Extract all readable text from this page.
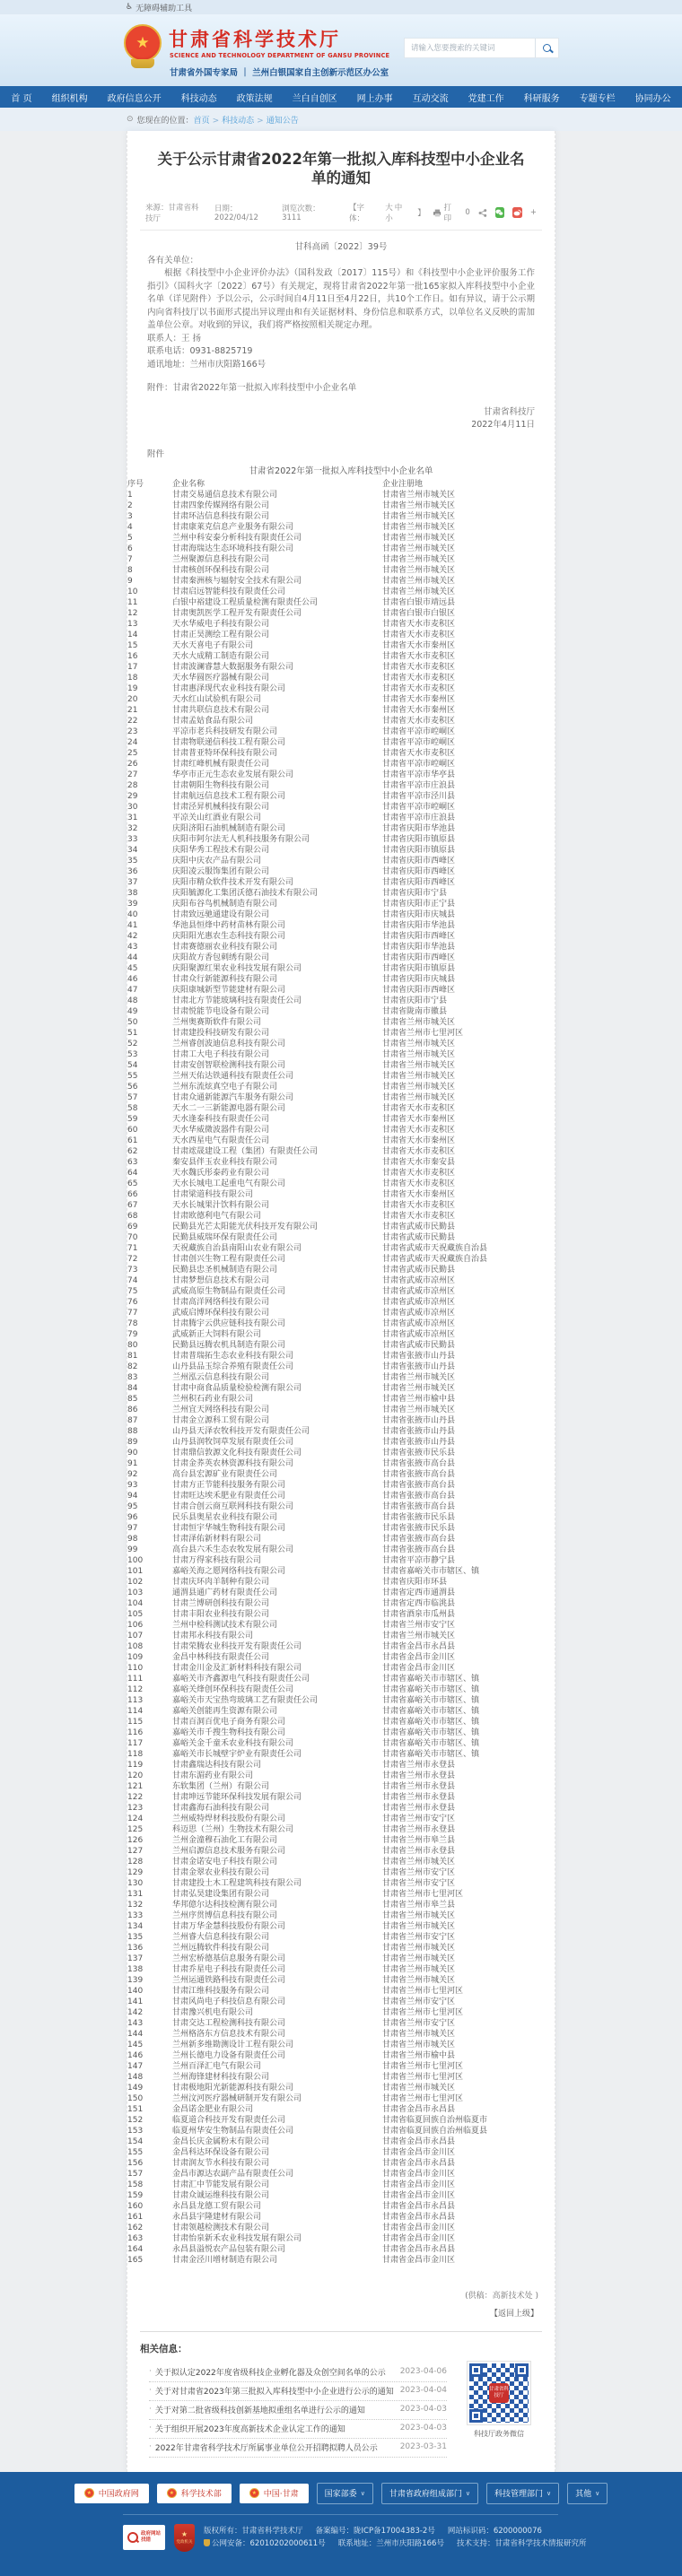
♿ 无障碍辅助工具
★	甘肃省科学技术厅
SCIENCE AND TECHNOLOGY DEPARTMENT OF GANSU PROVINCE
甘肃省外国专家局 ｜ 兰州白银国家自主创新示范区办公室
请输入您要搜索的关键词
首 页	组织机构	政府信息公开	科技动态	政策法规	兰白自创区	网上办事	互动交流	党建工作	科研服务	专题专栏	协同办公
⊙ 您现在的位置： 首页 > 科技动态 > 通知公告
关于公示甘肃省2022年第一批拟入库科技型中小企业名单的通知
来源：甘肃省科技厅
日期：2022/04/12
浏览次数：3111
【字体：
大 中小
】
打印
0	+
甘科高函〔2022〕39号
各有关单位：
根据《科技型中小企业评价办法》（国科发政〔2017〕115号）和《科技型中小企业评价服务工作指引》（国科火字〔2022〕67号）有关规定，现将甘肃省2022年第一批165家拟入库科技型中小企业名单（详见附件）予以公示，公示时间自4月11日至4月22日，共10个工作日。如有异议，请于公示期内向省科技厅以书面形式提出异议理由和有关证据材料、身份信息和联系方式，以单位名义反映的需加盖单位公章。对收到的异议，我们将严格按照相关规定办理。
联系人：王 扬
联系电话：0931-8825719
通讯地址：兰州市庆阳路166号
附件：甘肃省2022年第一批拟入库科技型中小企业名单
甘肃省科技厅
2022年4月11日
附件
甘肃省2022年第一批拟入库科技型中小企业名单
序号	企业名称	企业注册地
1	甘肃交易通信息技术有限公司	甘肃省兰州市城关区
2	甘肃四象传媒网络有限公司	甘肃省兰州市城关区
3	甘肃环洁信息科技有限公司	甘肃省兰州市城关区
4	甘肃康莱克信息产业服务有限公司	甘肃省兰州市城关区
5	兰州中科安泰分析科技有限责任公司	甘肃省兰州市城关区
6	甘肃海瑞达生态环境科技有限公司	甘肃省兰州市城关区
7	兰州聚源信息科技有限公司	甘肃省兰州市城关区
8	甘肃核创环保科技有限公司	甘肃省兰州市城关区
9	甘肃秦洲核与辐射安全技术有限公司	甘肃省兰州市城关区
10	甘肃启远智能科技有限责任公司	甘肃省兰州市城关区
11	白银中裕建设工程质量检测有限责任公司	甘肃省白银市靖远县
12	甘肃奥凯医学工程开发有限责任公司	甘肃省白银市白银区
13	天水华威电子科技有限公司	甘肃省天水市麦积区
14	甘肃正昊测绘工程有限公司	甘肃省天水市麦积区
15	天水天喜电子有限公司	甘肃省天水市秦州区
16	天水大成精工制造有限公司	甘肃省天水市麦积区
17	甘肃波澜睿慧大数据服务有限公司	甘肃省天水市麦积区
18	天水华圆医疗器械有限公司	甘肃省天水市麦积区
19	甘肃惠泽现代农业科技有限公司	甘肃省天水市麦积区
20	天水红山试验机有限公司	甘肃省天水市秦州区
21	甘肃共联信息技术有限公司	甘肃省天水市秦州区
22	甘肃孟姑食品有限公司	甘肃省天水市麦积区
23	平凉市老兵科技研发有限公司	甘肃省平凉市崆峒区
24	甘肃物联递信科技工程有限公司	甘肃省平凉市崆峒区
25	甘肃普亚特环保科技有限公司	甘肃省天水市麦积区
26	甘肃红峰机械有限责任公司	甘肃省平凉市崆峒区
27	华亭市正元生态农业发展有限公司	甘肃省平凉市华亭县
28	甘肃朝阳生物科技有限公司	甘肃省平凉市庄浪县
29	甘肃航远信息技术工程有限公司	甘肃省平凉市泾川县
30	甘肃泾昇机械科技有限公司	甘肃省平凉市崆峒区
31	平凉关山红酒业有限公司	甘肃省平凉市庄浪县
32	庆阳济阳石油机械制造有限公司	甘肃省庆阳市华池县
33	庆阳市阿尔法无人机科技服务有限公司	甘肃省庆阳市镇原县
34	庆阳华秀工程技术有限公司	甘肃省庆阳市镇原县
35	庆阳中庆农产品有限公司	甘肃省庆阳市西峰区
36	庆阳凌云服饰集团有限公司	甘肃省庆阳市西峰区
37	庆阳市精众软件技术开发有限公司	甘肃省庆阳市西峰区
38	庆阳毓源化工集团沃德石油技术有限公司	甘肃省庆阳市宁县
39	庆阳布谷鸟机械制造有限公司	甘肃省庆阳市正宁县
40	甘肃致远驰通建设有限公司	甘肃省庆阳市庆城县
41	华池县恒烽中药材苗林有限公司	甘肃省庆阳市华池县
42	庆阳阳光惠农生态科技有限公司	甘肃省庆阳市西峰区
43	甘肃赛德丽农业科技有限公司	甘肃省庆阳市华池县
44	庆阳故方香包刺绣有限公司	甘肃省庆阳市西峰区
45	庆阳聚源红果农业科技发展有限公司	甘肃省庆阳市镇原县
46	甘肃众行新能源科技有限公司	甘肃省庆阳市庆城县
47	庆阳康城新型节能建材有限公司	甘肃省庆阳市西峰区
48	甘肃北方节能玻璃科技有限责任公司	甘肃省庆阳市宁县
49	甘肃悦能节电设备有限公司	甘肃省陇南市徽县
50	兰州奥赛斯软件有限公司	甘肃省兰州市城关区
51	甘肃建投科技研发有限公司	甘肃省兰州市七里河区
52	兰州睿创波迪信息科技有限公司	甘肃省兰州市城关区
53	甘肃工大电子科技有限公司	甘肃省兰州市城关区
54	甘肃安创智联检测科技有限公司	甘肃省兰州市城关区
55	兰州天佑达铁通科技有限责任公司	甘肃省兰州市城关区
56	兰州东流炫真空电子有限公司	甘肃省兰州市城关区
57	甘肃众通新能源汽车服务有限公司	甘肃省兰州市城关区
58	天水二一三新能源电器有限公司	甘肃省天水市麦积区
59	天水逢泰科技有限责任公司	甘肃省天水市秦州区
60	天水华威微波器件有限公司	甘肃省天水市麦积区
61	天水西星电气有限责任公司	甘肃省天水市秦州区
62	甘肃竤晟建设工程（集团）有限责任公司	甘肃省天水市麦积区
63	秦安县伴玉农业科技有限公司	甘肃省天水市秦安县
64	天水魏氏彤泰药业有限公司	甘肃省天水市麦积区
65	天水长城电工起重电气有限公司	甘肃省天水市麦积区
66	甘肃梁道科技有限公司	甘肃省天水市秦州区
67	天水长城果汁饮料有限公司	甘肃省天水市麦积区
68	甘肃欧德利电气有限公司	甘肃省天水市麦积区
69	民勤县光芒太阳能光伏科技开发有限公司	甘肃省武威市民勤县
70	民勤县威瑞环保有限责任公司	甘肃省武威市民勤县
71	天祝藏族自治县南阳山农业有限公司	甘肃省武威市天祝藏族自治县
72	甘肃创兴生物工程有限责任公司	甘肃省武威市天祝藏族自治县
73	民勤县忠圣机械制造有限公司	甘肃省武威市民勤县
74	甘肃梦想信息技术有限公司	甘肃省武威市凉州区
75	武威高原生物制品有限责任公司	甘肃省武威市凉州区
76	甘肃高洋网络科技有限公司	甘肃省武威市凉州区
77	武威启博环保科技有限公司	甘肃省武威市凉州区
78	甘肃腾宇云供应链科技有限公司	甘肃省武威市凉州区
79	武威新正大饲料有限公司	甘肃省武威市凉州区
80	民勤县远腾农机具制造有限公司	甘肃省武威市民勤县
81	甘肃普瑞拓生态农业科技有限公司	甘肃省张掖市山丹县
82	山丹县品玉综合养殖有限责任公司	甘肃省张掖市山丹县
83	兰州泓云信息科技有限公司	甘肃省兰州市城关区
84	甘肃中商食品质量检验检测有限公司	甘肃省兰州市城关区
85	兰州积石药业有限公司	甘肃省兰州市榆中县
86	兰州宜天网络科技有限公司	甘肃省兰州市城关区
87	甘肃金立源科工贸有限公司	甘肃省张掖市山丹县
88	山丹县天泽农牧科技开发有限责任公司	甘肃省张掖市山丹县
89	山丹县润牧饲草发展有限责任公司	甘肃省张掖市山丹县
90	甘肃鼎信敦源文化科技有限责任公司	甘肃省张掖市民乐县
91	甘肃金荞英农林资源科技有限公司	甘肃省张掖市高台县
92	高台县宏源矿业有限责任公司	甘肃省张掖市高台县
93	甘肃方正节能科技服务有限公司	甘肃省张掖市高台县
94	甘肃旺达埃禾肥业有限责任公司	甘肃省张掖市高台县
95	甘肃合创云商互联网科技有限公司	甘肃省张掖市高台县
96	民乐县奥星农业科技有限公司	甘肃省张掖市民乐县
97	甘肃恒宇华城生物科技有限公司	甘肃省张掖市民乐县
98	甘肃泽佑新材料有限公司	甘肃省张掖市高台县
99	高台县六禾生态农牧发展有限公司	甘肃省张掖市高台县
100	甘肃万得家科技有限公司	甘肃省平凉市静宁县
101	嘉峪关海之愿网络科技有限公司	甘肃省嘉峪关市市辖区、镇
102	甘肃庆环肉羊制种有限公司	甘肃省庆阳市环县
103	通渭县通广药材有限责任公司	甘肃省定西市通渭县
104	甘肃兰博研创科技有限公司	甘肃省定西市临洮县
105	甘肃丰阳农业科技有限公司	甘肃省酒泉市瓜州县
106	兰州中检科测试技术有限公司	甘肃省兰州市安宁区
107	甘肃邦永科技有限公司	甘肃省兰州市城关区
108	甘肃荣腾农业科技开发有限责任公司	甘肃省金昌市永昌县
109	金昌中林科技有限责任公司	甘肃省金昌市金川区
110	甘肃金川金及汇新材料科技有限公司	甘肃省金昌市金川区
111	嘉峪关市齐鑫源电气科技有限责任公司	甘肃省嘉峪关市市辖区、镇
112	嘉峪关烽创环保科技有限责任公司	甘肃省嘉峪关市市辖区、镇
113	嘉峪关市天宝热弯玻璃工艺有限责任公司	甘肃省嘉峪关市市辖区、镇
114	嘉峪关创能再生资源有限公司	甘肃省嘉峪关市市辖区、镇
115	甘肃百洞百优电子商务有限公司	甘肃省嘉峪关市市辖区、镇
116	嘉峪关市千搜生物科技有限公司	甘肃省嘉峪关市市辖区、镇
117	嘉峪关金千童禾农业科技有限公司	甘肃省嘉峪关市市辖区、镇
118	嘉峪关市长城壁宇炉业有限责任公司	甘肃省嘉峪关市市辖区、镇
119	甘肃鑫瑞达科技有限公司	甘肃省兰州市永登县
120	甘肃东湄药业有限公司	甘肃省兰州市永登县
121	东软集团（兰州）有限公司	甘肃省兰州市永登县
122	甘肃坤远节能环保科技发展有限公司	甘肃省兰州市永登县
123	甘肃鑫海石油科技有限公司	甘肃省兰州市永登县
124	兰州威特焊材科技股份有限公司	甘肃省兰州市安宁区
125	科迈思（兰州）生物技术有限公司	甘肃省兰州市永登县
126	兰州金潼穆石油化工有限公司	甘肃省兰州市皋兰县
127	兰州启源信息技术服务有限公司	甘肃省兰州市永登县
128	甘肃金诺安电子科技有限公司	甘肃省兰州市城关区
129	甘肃金翠农业科技有限公司	甘肃省兰州市安宁区
130	甘肃建投土木工程建筑科技有限公司	甘肃省兰州市安宁区
131	甘肃弘昊建设集团有限公司	甘肃省兰州市七里河区
132	华邦億尔达科技检测有限公司	甘肃省兰州市皋兰县
133	兰州序贯博信息科技有限公司	甘肃省兰州市城关区
134	甘肃万华金慧科技股份有限公司	甘肃省兰州市城关区
135	兰州睿大信息科技有限公司	甘肃省兰州市安宁区
136	兰州远腾软件科技有限公司	甘肃省兰州市城关区
137	兰州宏桥德基信息服务有限公司	甘肃省兰州市城关区
138	甘肃乔星电子科技有限责任公司	甘肃省兰州市城关区
139	兰州运通铁路科技有限责任公司	甘肃省兰州市城关区
140	甘肃江维科技服务有限公司	甘肃省兰州市七里河区
141	甘肃风尚电子科技信息有限公司	甘肃省兰州市安宁区
142	甘肃豫兴机电有限公司	甘肃省兰州市七里河区
143	甘肃交达工程检测科技有限公司	甘肃省兰州市安宁区
144	兰州格洛东方信息技术有限公司	甘肃省兰州市城关区
145	兰州新多维勘测设计工程有限公司	甘肃省兰州市城关区
146	兰州长德电力设备有限责任公司	甘肃省兰州市榆中县
147	兰州百泽汇电气有限公司	甘肃省兰州市七里河区
148	兰州海锋建材科技有限公司	甘肃省兰州市七里河区
149	甘肃极地阳光新能源科技有限公司	甘肃省兰州市城关区
150	兰州汶河医疗器械研制开发有限公司	甘肃省兰州市七里河区
151	金昌诺金肥业有限公司	甘肃省金昌市永昌县
152	临夏道合科技开发有限责任公司	甘肃省临夏回族自治州临夏市
153	临夏州华安生物制品有限责任公司	甘肃省临夏回族自治州临夏县
154	金昌长庆金属粉末有限公司	甘肃省金昌市永昌县
155	金昌科达环保设备有限公司	甘肃省金昌市金川区
156	甘肃润友节水科技有限公司	甘肃省金昌市永昌县
157	金昌市源达农副产品有限责任公司	甘肃省金昌市金川区
158	甘肃汇中节能发展有限公司	甘肃省金昌市金川区
159	甘肃众诚运维科技有限公司	甘肃省金昌市金川区
160	永昌县龙德工贸有限公司	甘肃省金昌市永昌县
161	永昌县宇隆建材有限公司	甘肃省金昌市永昌县
162	甘肃领越检测技术有限公司	甘肃省金昌市金川区
163	甘肃怡泉新禾农业科技发展有限公司	甘肃省金昌市金川区
164	永昌县溢悦农产品包装有限公司	甘肃省金昌市永昌县
165	甘肃金泾川增材制造有限公司	甘肃省金昌市金川区
(供稿：高新技术处 )
【返回上级】
相关信息：
· 关于拟认定2022年度省级科技企业孵化器及众创空间名单的公示 2023-04-06
· 关于对甘肃省2023年第三批拟入库科技型中小企业进行公示的通知 2023-04-04
· 关于对第二批省级科技创新基地拟重组名单进行公示的通知	2023-04-03
· 关于组织开展2023年度高新技术企业认定工作的通知	2023-04-03
· 2022年甘肃省科学技术厅所属事业单位公开招聘拟聘人员公示	2023-03-31
甘肃省科技厅
科技厅政务微信
★ 中国政府网	★ 科学技术部	★ 中国·甘肃	国家部委 ∨	甘肃省政府组成部门 ∨	科技管理部门 ∨	其他 ∨
政府网站
找错
★
党政机关
版权所有：甘肃省科学技术厅 备案编号：陇ICP备17004383-2号 网站标识码：6200000076
公网安备：62010202000611号 联系地址：兰州市庆阳路166号 技术支持：甘肃省科学技术情报研究所
